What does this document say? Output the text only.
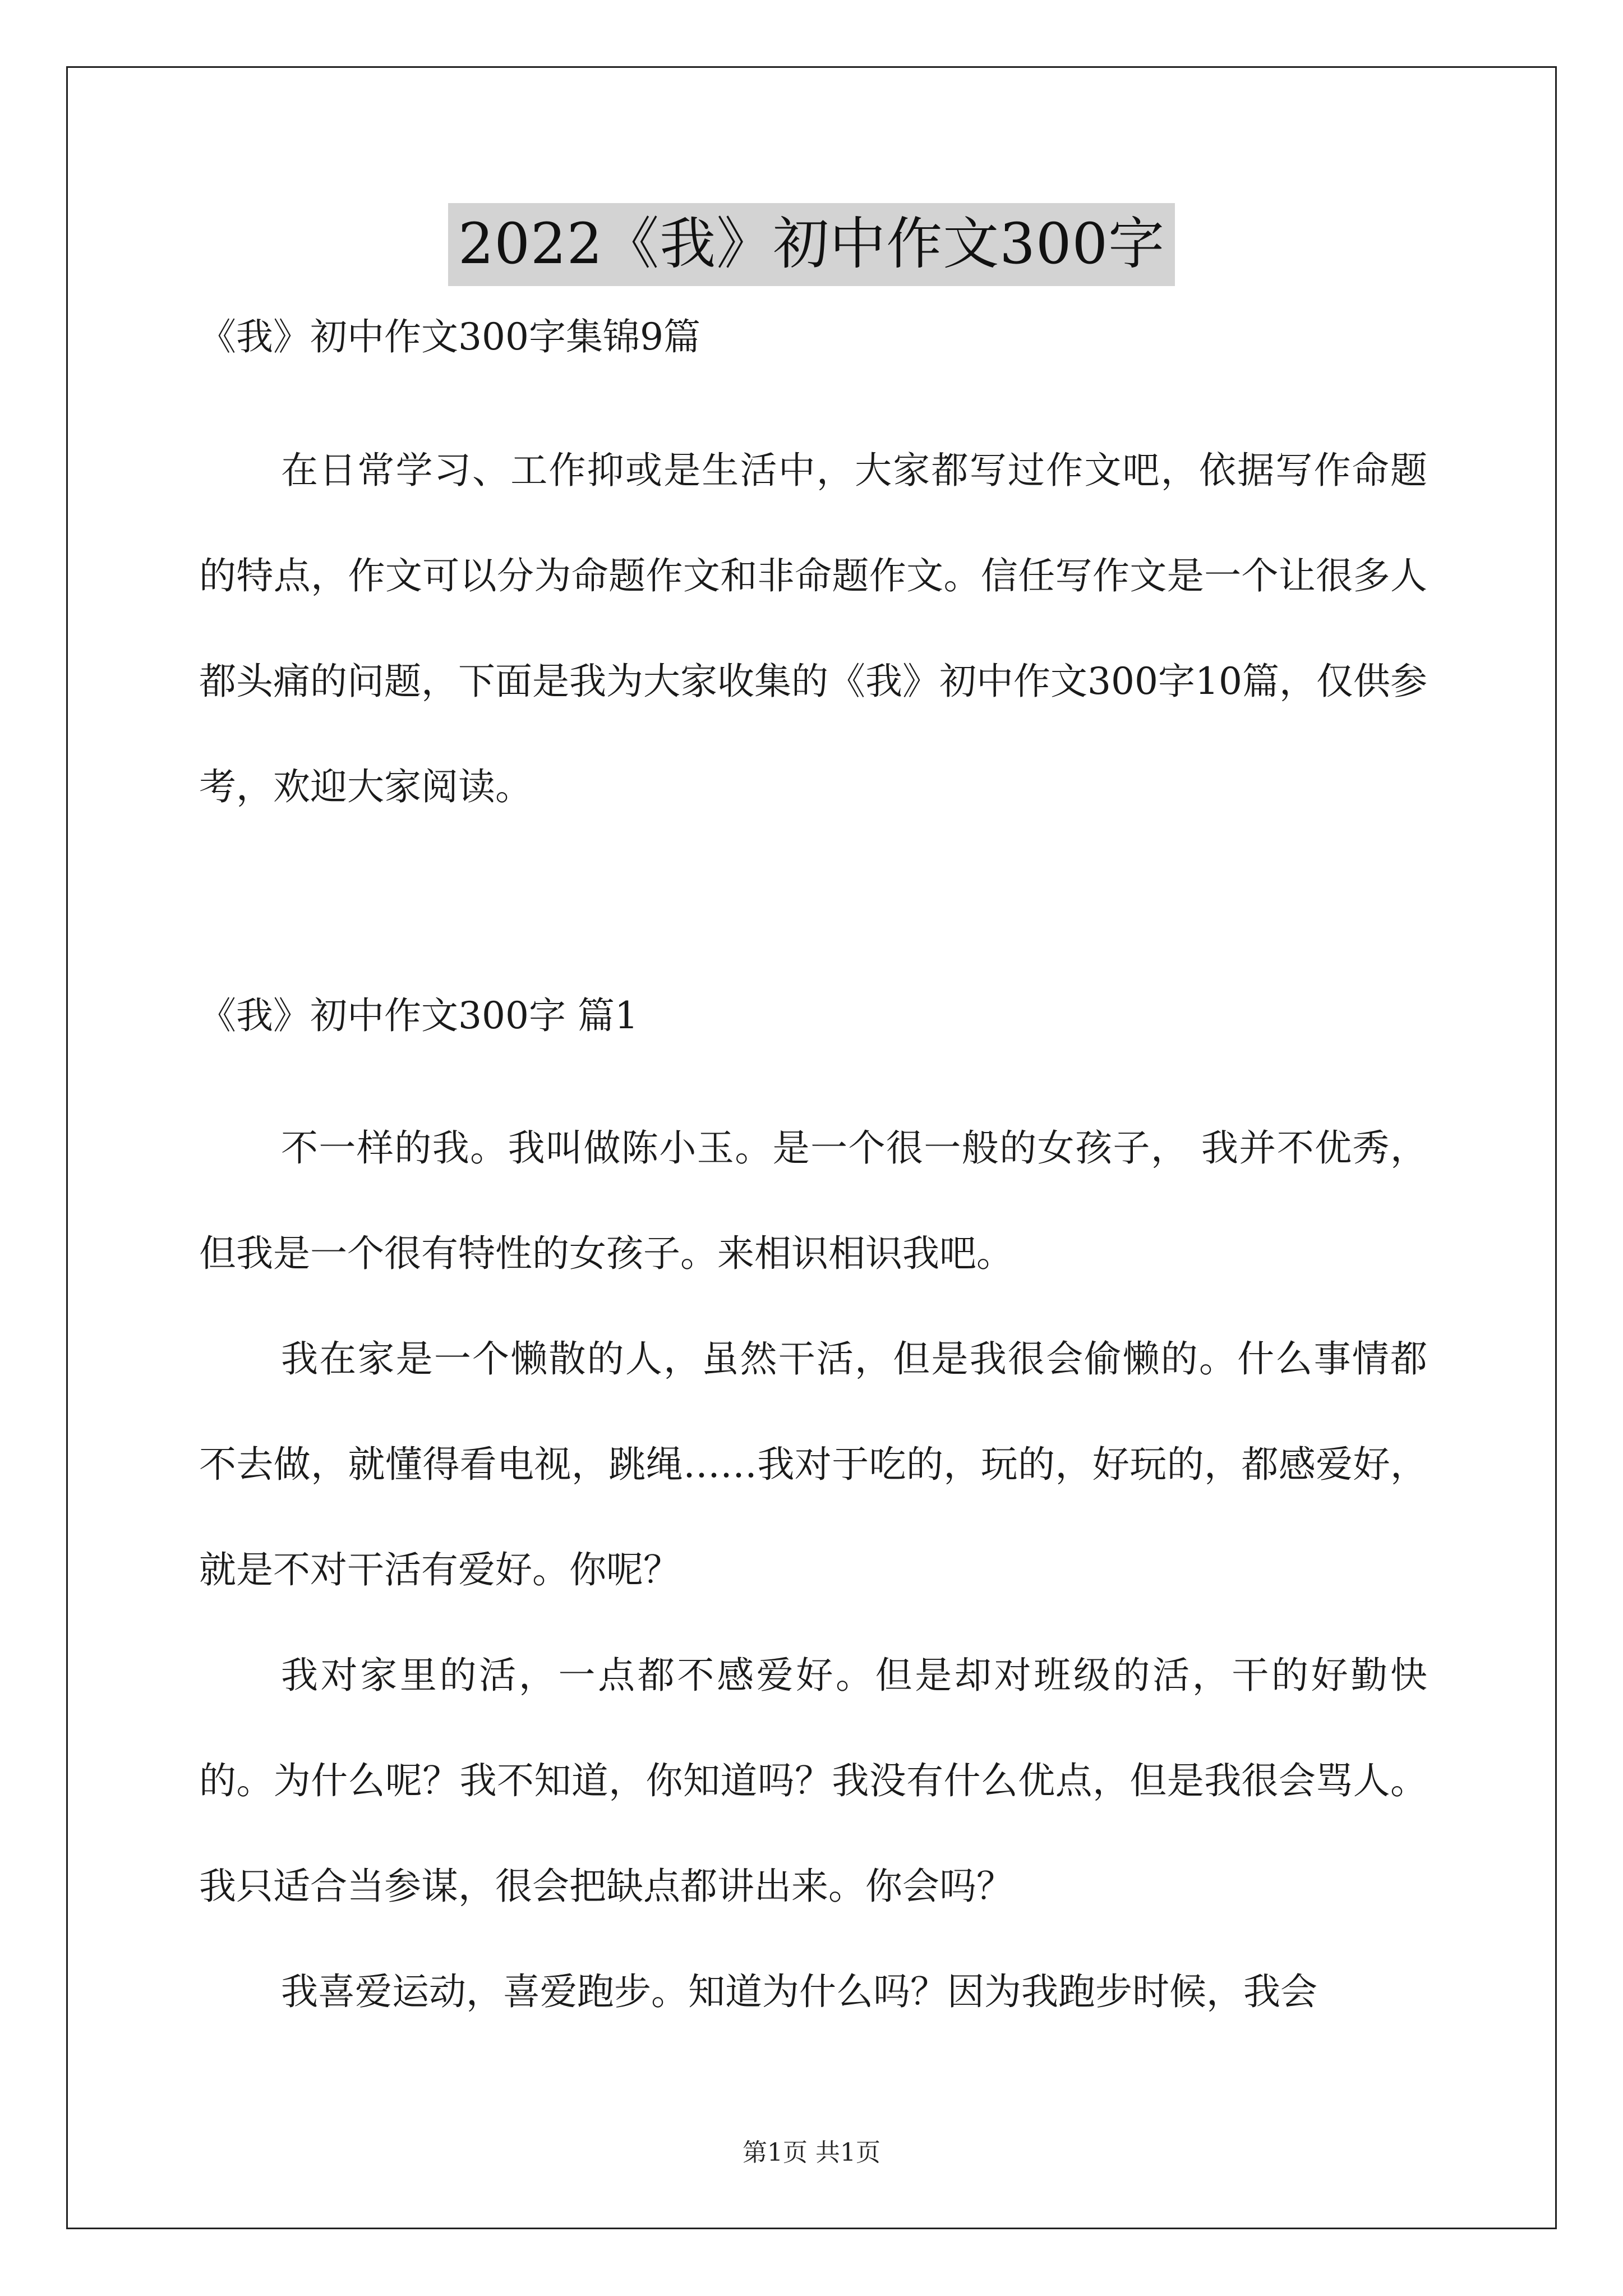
2022《我》初中作文300字
《我》初中作文300字集锦9篇

在日常学习、工作抑或是生活中，大家都写过作文吧，依据写作命题的特点，作文可以分为命题作文和非命题作文。信任写作文是一个让很多人都头痛的问题，下面是我为大家收集的《我》初中作文300字10篇，仅供参考，欢迎大家阅读。

《我》初中作文300字 篇1

不一样的我。我叫做陈小玉。是一个很一般的女孩子， 我并不优秀，但我是一个很有特性的女孩子。来相识相识我吧。

我在家是一个懒散的人，虽然干活，但是我很会偷懒的。什么事情都不去做，就懂得看电视，跳绳……我对于吃的，玩的，好玩的，都感爱好，就是不对干活有爱好。你呢？

我对家里的活，一点都不感爱好。但是却对班级的活，干的好勤快的。为什么呢？我不知道，你知道吗？我没有什么优点，但是我很会骂人。我只适合当参谋，很会把缺点都讲出来。你会吗？

我喜爱运动，喜爱跑步。知道为什么吗？因为我跑步时候，我会

第1页 共1页
